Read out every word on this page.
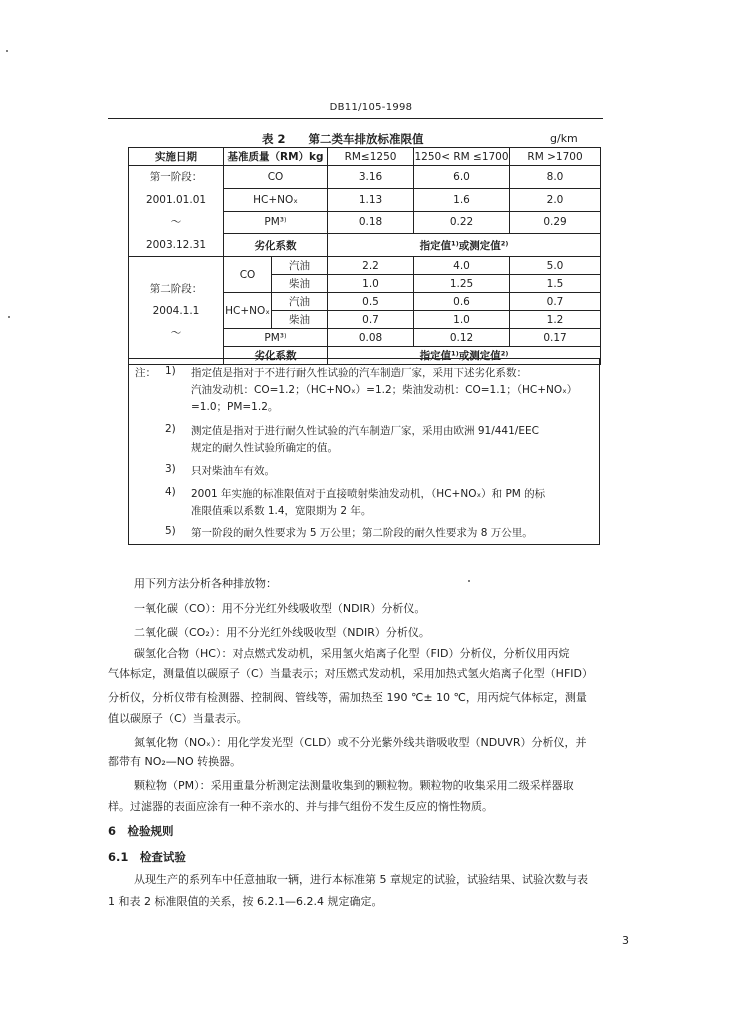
DB11/105-1998
表 2　　第二类车排放标准限值	g/km
实施日期	基准质量（RM）kg		RM≤1250	1250< RM ≤1700	RM >1700
第一阶段：
2001.01.01
～
2003.12.31	CO		3.16	6.0	8.0
	HC+NOₓ		1.13	1.6	2.0
	PM³⁾		0.18	0.22	0.29
	劣化系数		指定值¹⁾或测定值²⁾		
第二阶段：
2004.1.1
～	CO	汽油	2.2	4.0	5.0
		柴油	1.0	1.25	1.5
	HC+NOₓ	汽油	0.5	0.6	0.7
		柴油	0.7	1.0	1.2
	PM³⁾		0.08	0.12	0.17
	劣化系数		指定值¹⁾或测定值²⁾		
注： 1) 指定值是指对于不进行耐久性试验的汽车制造厂家，采用下述劣化系数：
汽油发动机：CO=1.2；（HC+NOₓ）=1.2；柴油发动机：CO=1.1；（HC+NOₓ）
=1.0；PM=1.2。
2) 测定值是指对于进行耐久性试验的汽车制造厂家，采用由欧洲 91/441/EEC
规定的耐久性试验所确定的值。
3) 只对柴油车有效。
4) 2001 年实施的标准限值对于直接喷射柴油发动机，（HC+NOₓ）和 PM 的标
准限值乘以系数 1.4，宽限期为 2 年。
5) 第一阶段的耐久性要求为 5 万公里；第二阶段的耐久性要求为 8 万公里。
用下列方法分析各种排放物：
一氧化碳（CO）：用不分光红外线吸收型（NDIR）分析仪。
二氧化碳（CO₂）：用不分光红外线吸收型（NDIR）分析仪。
碳氢化合物（HC）：对点燃式发动机，采用氢火焰离子化型（FID）分析仪，分析仪用丙烷
气体标定，测量值以碳原子（C）当量表示；对压燃式发动机，采用加热式氢火焰离子化型（HFID）
分析仪，分析仪带有检测器、控制阀、管线等，需加热至 190 ℃± 10 ℃，用丙烷气体标定，测量
值以碳原子（C）当量表示。
氮氧化物（NOₓ）：用化学发光型（CLD）或不分光紫外线共谐吸收型（NDUVR）分析仪，并
都带有 NO₂—NO 转换器。
颗粒物（PM）：采用重量分析测定法测量收集到的颗粒物。颗粒物的收集采用二级采样器取
样。过滤器的表面应涂有一种不亲水的、并与排气组份不发生反应的惰性物质。
6　检验规则
6.1　检查试验
从现生产的系列车中任意抽取一辆，进行本标准第 5 章规定的试验，试验结果、试验次数与表
1 和表 2 标准限值的关系，按 6.2.1—6.2.4 规定确定。
3
